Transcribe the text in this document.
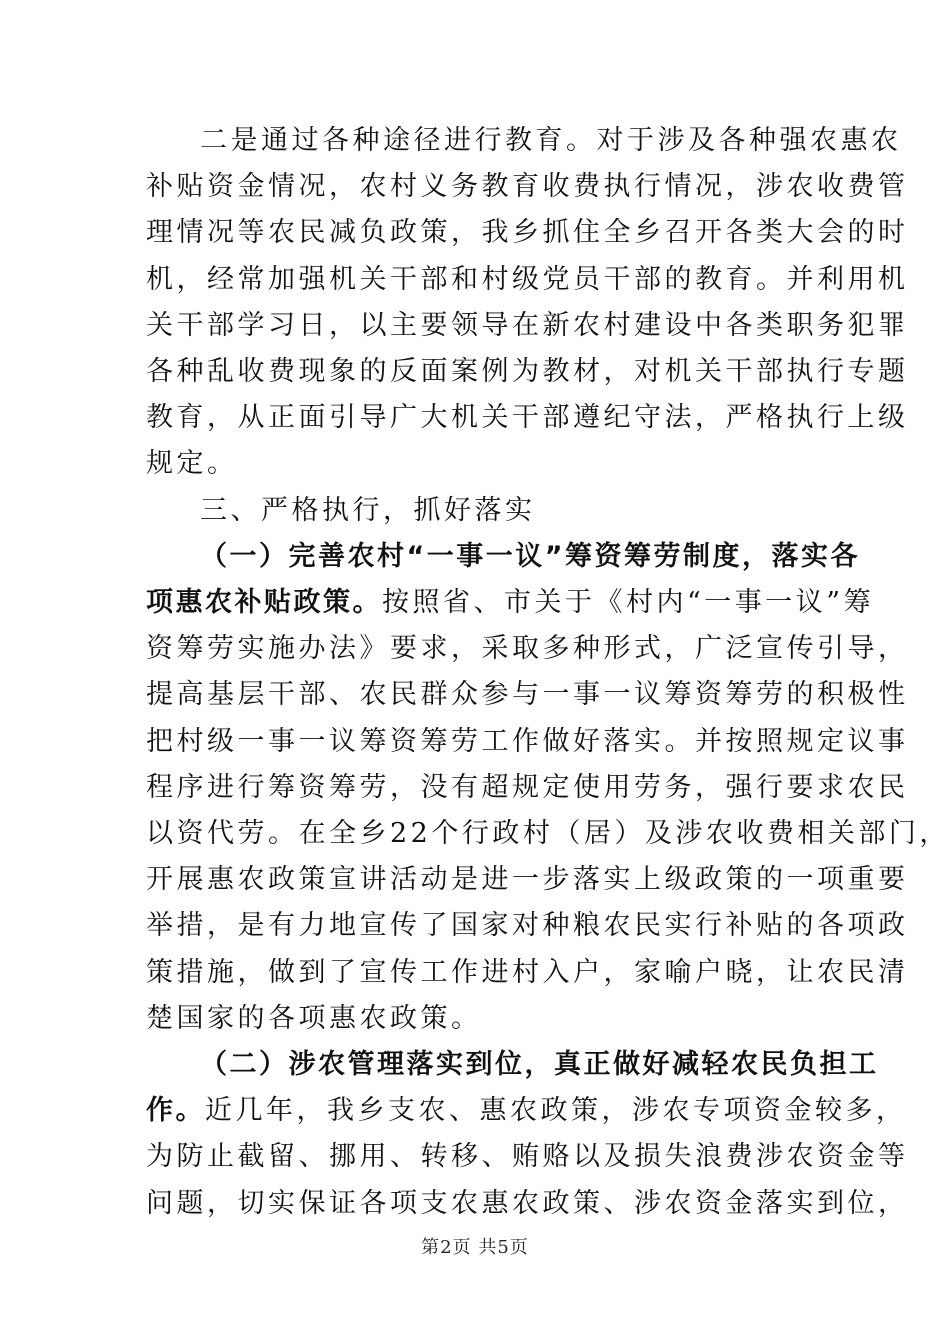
二是通过各种途径进行教育。对于涉及各种强农惠农
补贴资金情况，农村义务教育收费执行情况，涉农收费管
理情况等农民减负政策，我乡抓住全乡召开各类大会的时
机，经常加强机关干部和村级党员干部的教育。并利用机
关干部学习日，以主要领导在新农村建设中各类职务犯罪
各种乱收费现象的反面案例为教材，对机关干部执行专题
教育，从正面引导广大机关干部遵纪守法，严格执行上级
规定。
三、严格执行，抓好落实
（一）完善农村“一事一议”筹资筹劳制度，落实各
项惠农补贴政策。按照省、市关于《村内“一事一议”筹
资筹劳实施办法》要求，采取多种形式，广泛宣传引导，
提高基层干部、农民群众参与一事一议筹资筹劳的积极性
把村级一事一议筹资筹劳工作做好落实。并按照规定议事
程序进行筹资筹劳，没有超规定使用劳务，强行要求农民
以资代劳。在全乡22个行政村（居）及涉农收费相关部门，
开展惠农政策宣讲活动是进一步落实上级政策的一项重要
举措，是有力地宣传了国家对种粮农民实行补贴的各项政
策措施，做到了宣传工作进村入户，家喻户晓，让农民清
楚国家的各项惠农政策。
（二）涉农管理落实到位，真正做好减轻农民负担工
作。近几年，我乡支农、惠农政策，涉农专项资金较多，
为防止截留、挪用、转移、贿赂以及损失浪费涉农资金等
问题，切实保证各项支农惠农政策、涉农资金落实到位，
第2页 共5页
